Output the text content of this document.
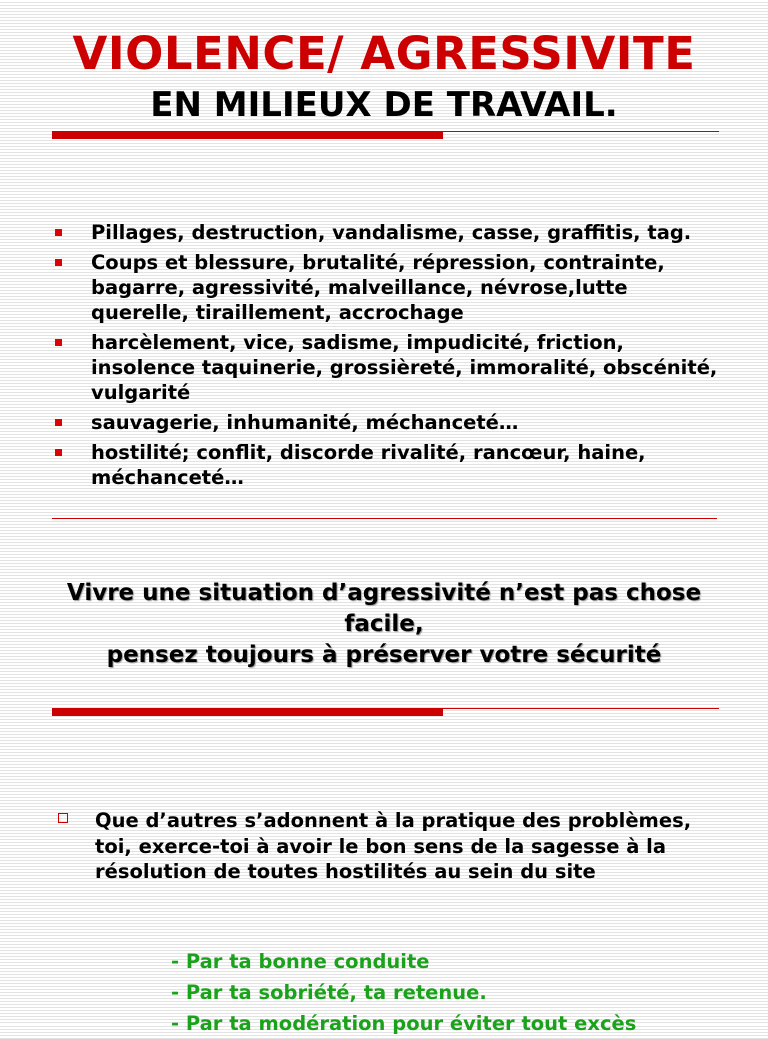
VIOLENCE/ AGRESSIVITE
EN MILIEUX DE TRAVAIL.
Pillages, destruction, vandalisme, casse, graffitis, tag.
Coups et blessure, brutalité, répression, contrainte, bagarre, agressivité, malveillance, névrose,lutte querelle, tiraillement, accrochage
harcèlement, vice, sadisme, impudicité, friction, insolence taquinerie, grossièreté, immoralité, obscénité, vulgarité
sauvagerie, inhumanité, méchanceté…
hostilité; conflit, discorde rivalité, rancœur, haine, méchanceté…
Vivre une situation d’agressivité n’est pas chose
facile,
pensez toujours à préserver votre sécurité
Que d’autres s’adonnent à la pratique des problèmes, toi, exerce-toi à avoir le bon sens de la sagesse à la résolution de toutes hostilités au sein du site
- Par ta bonne conduite
- Par ta sobriété, ta retenue.
- Par ta modération pour éviter tout excès
